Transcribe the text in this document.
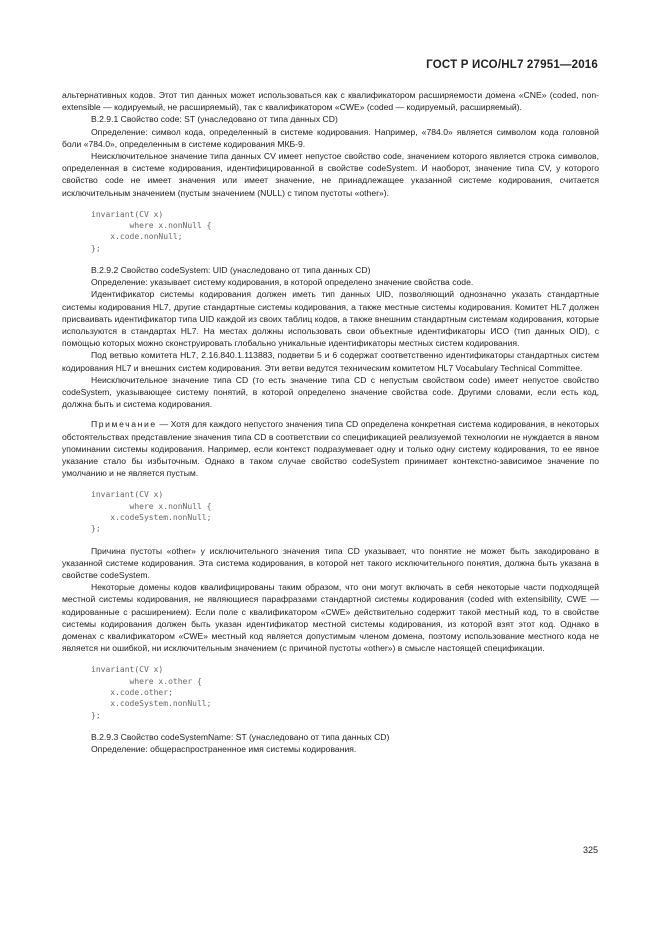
ГОСТ Р ИСО/HL7 27951—2016

альтернативных кодов. Этот тип данных может использоваться как с квалификатором расширяемости домена «CNE» (coded, non-extensible — кодируемый, не расширяемый), так с квалификатором «CWE» (coded — кодируемый, расширяемый).

B.2.9.1 Свойство code: ST (унаследовано от типа данных CD)

Определение: символ кода, определенный в системе кодирования. Например, «784.0» является символом кода головной боли «784.0», определенным в системе кодирования МКБ-9.

Неисключительное значение типа данных CV имеет непустое свойство code, значением которого является строка символов, определенная в системе кодирования, идентифицированной в свойстве codeSystem. И наоборот, значение типа CV, у которого свойство code не имеет значения или имеет значение, не принадлежащее указанной системе кодирования, считается исключительным значением (пустым значением (NULL) с типом пустоты «other»).

invariant(CV x)
where x.nonNull {
x.code.nonNull;
};

B.2.9.2 Свойство codeSystem: UID (унаследовано от типа данных CD)

Определение: указывает систему кодирования, в которой определено значение свойства code.

Идентификатор системы кодирования должен иметь тип данных UID, позволяющий однозначно указать стандартные системы кодирования HL7, другие стандартные системы кодирования, а также местные системы кодирования. Комитет HL7 должен присваивать идентификатор типа UID каждой из своих таблиц кодов, а также внешним стандартным системам кодирования, которые используются в стандартах HL7. На местах должны использовать свои объектные идентификаторы ИСО (тип данных OID), с помощью которых можно сконструировать глобально уникальные идентификаторы местных систем кодирования.

Под ветвью комитета HL7, 2.16.840.1.113883, подветви 5 и 6 содержат соответственно идентификаторы стандартных систем кодирования HL7 и внешних систем кодирования. Эти ветви ведутся техническим комитетом HL7 Vocabulary Technical Committee.

Неисключительное значение типа CD (то есть значение типа CD с непустым свойством code) имеет непустое свойство codeSystem, указывающее систему понятий, в которой определено значение свойства code. Другими словами, если есть код, должна быть и система кодирования.

Примечание — Хотя для каждого непустого значения типа CD определена конкретная система кодирования, в некоторых обстоятельствах представление значения типа CD в соответствии со спецификацией реализуемой технологии не нуждается в явном упоминании системы кодирования. Например, если контекст подразумевает одну и только одну систему кодирования, то ее явное указание стало бы избыточным. Однако в таком случае свойство codeSystem принимает контекстно-зависимое значение по умолчанию и не является пустым.

invariant(CV x)
where x.nonNull {
x.codeSystem.nonNull;
};

Причина пустоты «other» у исключительного значения типа CD указывает, что понятие не может быть закодировано в указанной системе кодирования. Эта система кодирования, в которой нет такого исключительного понятия, должна быть указана в свойстве codeSystem.

Некоторые домены кодов квалифицированы таким образом, что они могут включать в себя некоторые части подходящей местной системы кодирования, не являющиеся парафразами стандартной системы кодирования (coded with extensibility, CWE — кодированные с расширением). Если поле с квалификатором «CWE» действительно содержит такой местный код, то в свойстве системы кодирования должен быть указан идентификатор местной системы кодирования, из которой взят этот код. Однако в доменах с квалификатором «CWE» местный код является допустимым членом домена, поэтому использование местного кода не является ни ошибкой, ни исключительным значением (с причиной пустоты «other») в смысле настоящей спецификации.

invariant(CV x)
where x.other {
x.code.other;
x.codeSystem.nonNull;
};

B.2.9.3 Свойство codeSystemName: ST (унаследовано от типа данных CD)

Определение: общераспространенное имя системы кодирования.

325
